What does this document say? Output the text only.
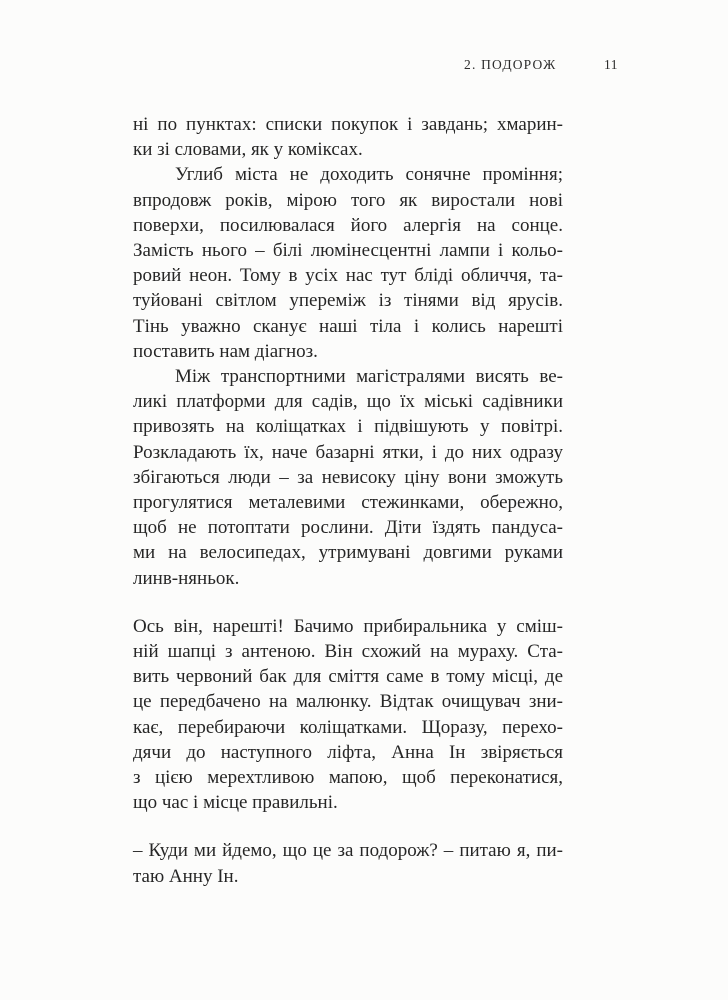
2. ПОДОРОЖ	11
ні по пунктах: списки покупок і завдань; хмарин-
ки зі словами, як у коміксах.
Углиб міста не доходить сонячне проміння;
впродовж років, мірою того як виростали нові
поверхи, посилювалася його алергія на сонце.
Замість нього – білі люмінесцентні лампи і кольо-
ровий неон. Тому в усіх нас тут бліді обличчя, та-
туйовані світлом упереміж із тінями від ярусів.
Тінь уважно сканує наші тіла і колись нарешті
поставить нам діагноз.
Між транспортними магістралями висять ве-
ликі платформи для садів, що їх міські садівники
привозять на коліщатках і підвішують у повітрі.
Розкладають їх, наче базарні ятки, і до них одразу
збігаються люди – за невисоку ціну вони зможуть
прогулятися металевими стежинками, обережно,
щоб не потоптати рослини. Діти їздять пандуса-
ми на велосипедах, утримувані довгими руками
линв-няньок.
Ось він, нарешті! Бачимо прибиральника у сміш-
ній шапці з антеною. Він схожий на мураху. Ста-
вить червоний бак для сміття саме в тому місці, де
це передбачено на малюнку. Відтак очищувач зни-
кає, перебираючи коліщатками. Щоразу, перехо-
дячи до наступного ліфта, Анна Ін звіряється
з цією мерехтливою мапою, щоб переконатися,
що час і місце правильні.
– Куди ми йдемо, що це за подорож? – питаю я, пи-
таю Анну Ін.
